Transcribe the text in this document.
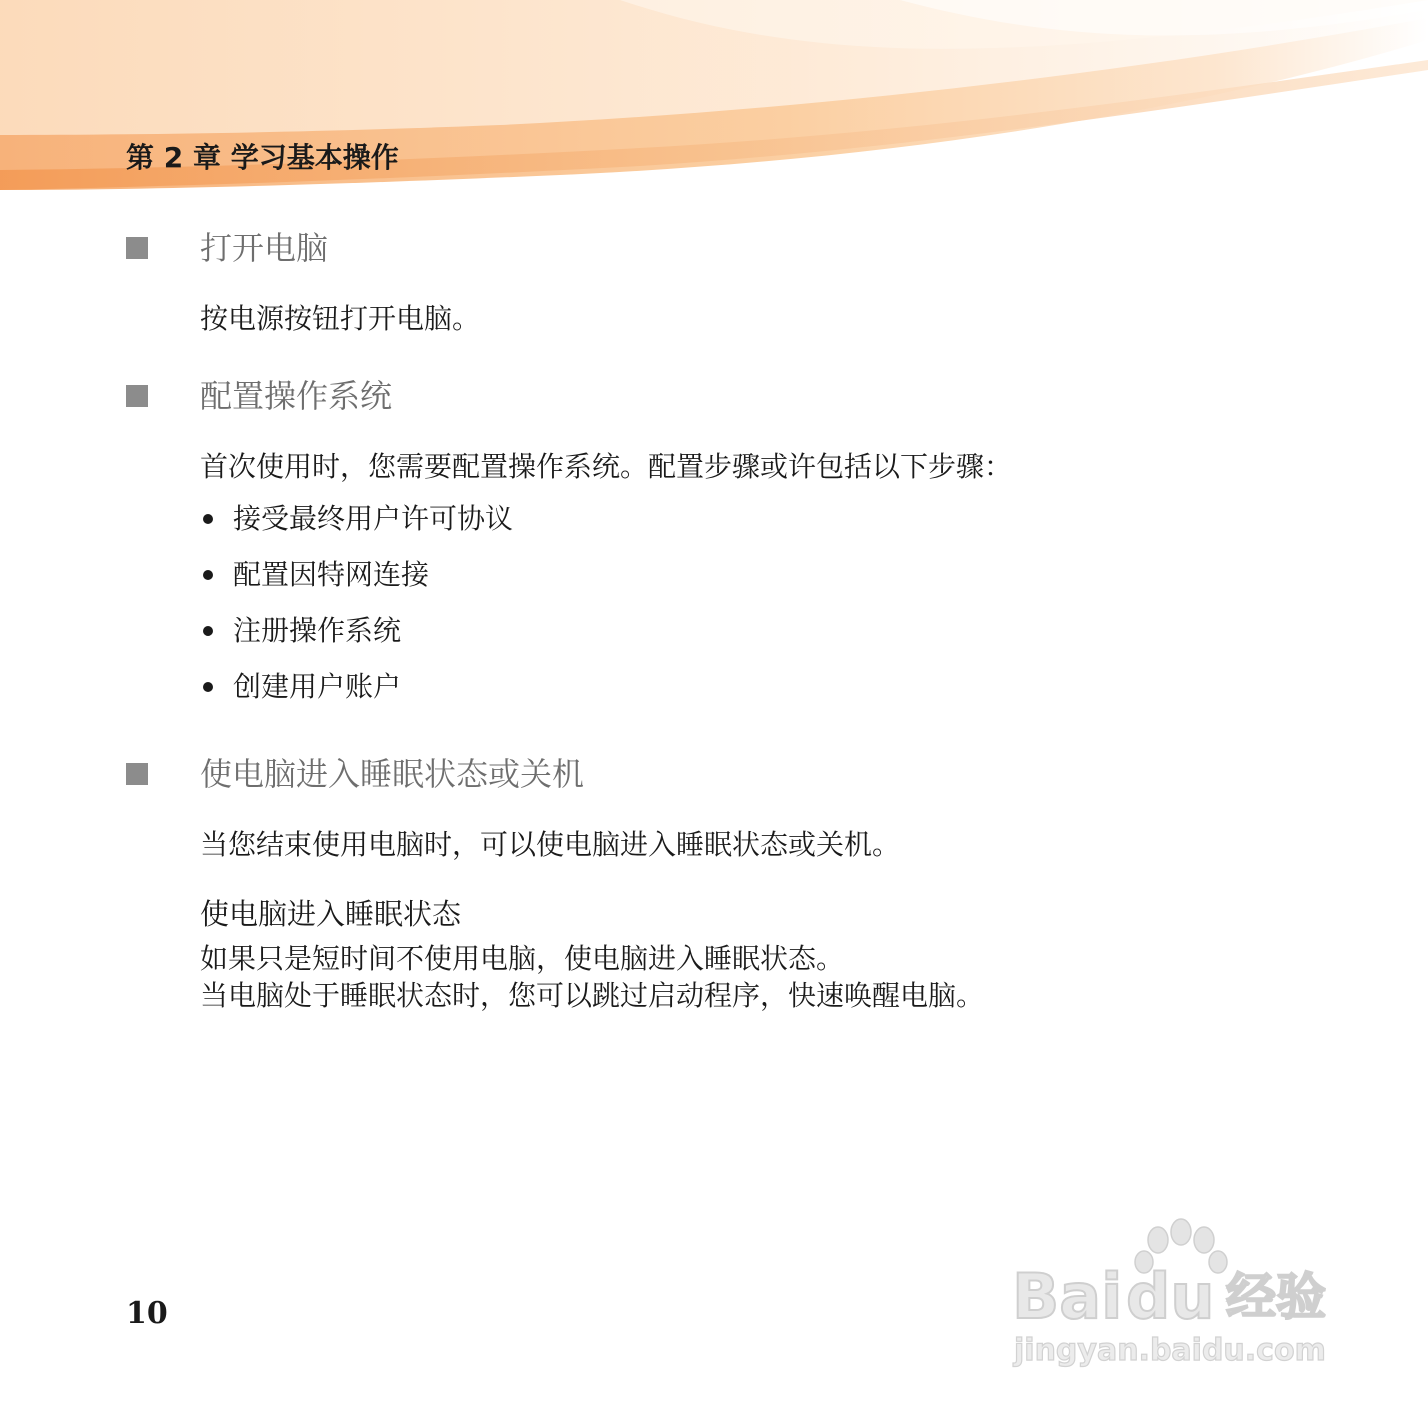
第 2 章 学习基本操作
打开电脑
按电源按钮打开电脑。
配置操作系统
首次使用时，您需要配置操作系统。配置步骤或许包括以下步骤：
接受最终用户许可协议
配置因特网连接
注册操作系统
创建用户账户
使电脑进入睡眠状态或关机
当您结束使用电脑时，可以使电脑进入睡眠状态或关机。
使电脑进入睡眠状态
如果只是短时间不使用电脑，使电脑进入睡眠状态。
当电脑处于睡眠状态时，您可以跳过启动程序，快速唤醒电脑。
10	Bai du 经验
jingyan.baidu.com
